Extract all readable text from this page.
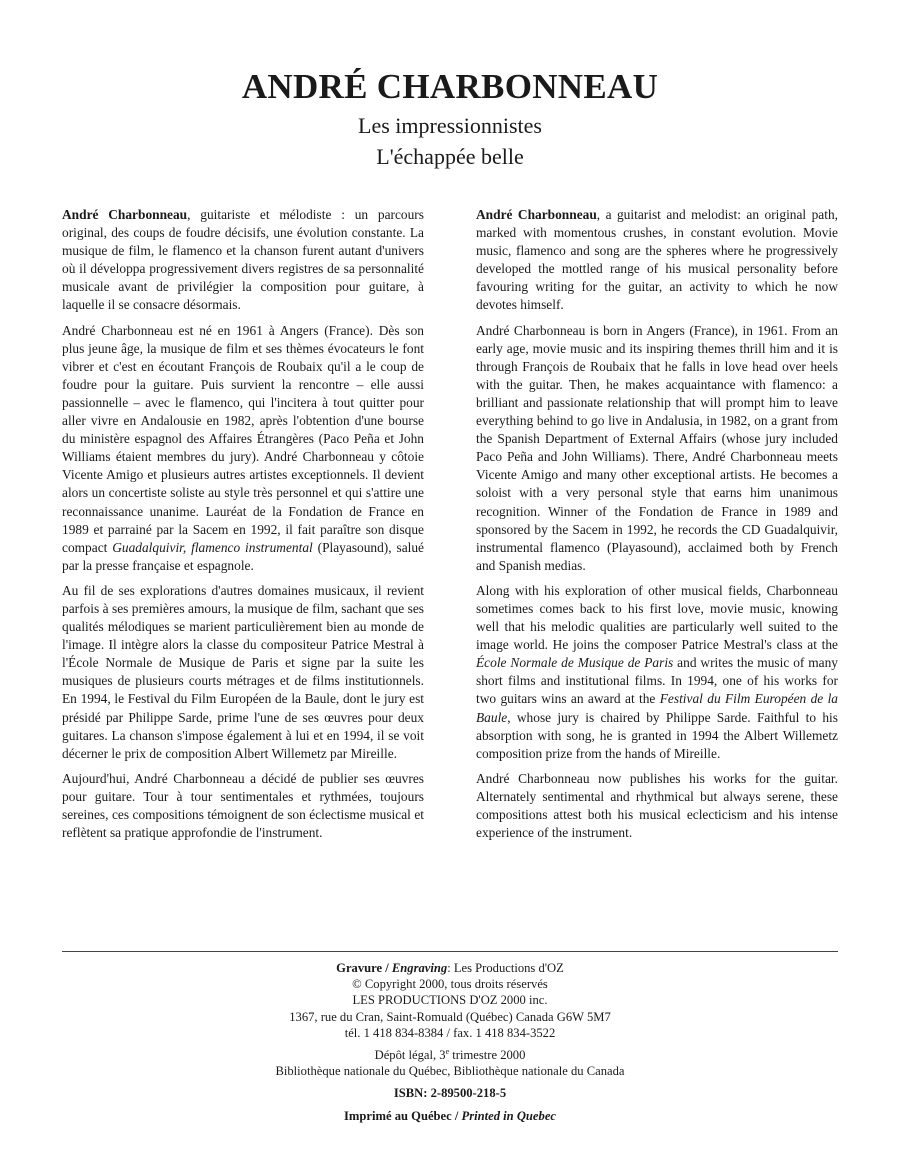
ANDRÉ CHARBONNEAU
Les impressionnistes
L'échappée belle

André Charbonneau, guitariste et mélodiste : un parcours original, des coups de foudre décisifs, une évolution constante. La musique de film, le flamenco et la chanson furent autant d'univers où il développa progressivement divers registres de sa personnalité musicale avant de privilégier la composition pour guitare, à laquelle il se consacre désormais.

André Charbonneau est né en 1961 à Angers (France). Dès son plus jeune âge, la musique de film et ses thèmes évocateurs le font vibrer et c'est en écoutant François de Roubaix qu'il a le coup de foudre pour la guitare. Puis survient la rencontre – elle aussi passionnelle – avec le flamenco, qui l'incitera à tout quitter pour aller vivre en Andalousie en 1982, après l'obtention d'une bourse du ministère espagnol des Affaires Étrangères (Paco Peña et John Williams étaient membres du jury). André Charbonneau y côtoie Vicente Amigo et plusieurs autres artistes exceptionnels. Il devient alors un concertiste soliste au style très personnel et qui s'attire une reconnaissance unanime. Lauréat de la Fondation de France en 1989 et parrainé par la Sacem en 1992, il fait paraître son disque compact Guadalquivir, flamenco instrumental (Playasound), salué par la presse française et espagnole.

Au fil de ses explorations d'autres domaines musicaux, il revient parfois à ses premières amours, la musique de film, sachant que ses qualités mélodiques se marient particulièrement bien au monde de l'image. Il intègre alors la classe du compositeur Patrice Mestral à l'École Normale de Musique de Paris et signe par la suite les musiques de plusieurs courts métrages et de films institutionnels. En 1994, le Festival du Film Européen de la Baule, dont le jury est présidé par Philippe Sarde, prime l'une de ses œuvres pour deux guitares. La chanson s'impose également à lui et en 1994, il se voit décerner le prix de composition Albert Willemetz par Mireille.

Aujourd'hui, André Charbonneau a décidé de publier ses œuvres pour guitare. Tour à tour sentimentales et rythmées, toujours sereines, ces compositions témoignent de son éclectisme musical et reflètent sa pratique approfondie de l'instrument.

André Charbonneau, a guitarist and melodist: an original path, marked with momentous crushes, in constant evolution. Movie music, flamenco and song are the spheres where he progressively developed the mottled range of his musical personality before favouring writing for the guitar, an activity to which he now devotes himself.

André Charbonneau is born in Angers (France), in 1961. From an early age, movie music and its inspiring themes thrill him and it is through François de Roubaix that he falls in love head over heels with the guitar. Then, he makes acquaintance with flamenco: a brilliant and passionate relationship that will prompt him to leave everything behind to go live in Andalusia, in 1982, on a grant from the Spanish Department of External Affairs (whose jury included Paco Peña and John Williams). There, André Charbonneau meets Vicente Amigo and many other exceptional artists. He becomes a soloist with a very personal style that earns him unanimous recognition. Winner of the Fondation de France in 1989 and sponsored by the Sacem in 1992, he records the CD Guadalquivir, instrumental flamenco (Playasound), acclaimed both by French and Spanish medias.

Along with his exploration of other musical fields, Charbonneau sometimes comes back to his first love, movie music, knowing well that his melodic qualities are particularly well suited to the image world. He joins the composer Patrice Mestral's class at the École Normale de Musique de Paris and writes the music of many short films and institutional films. In 1994, one of his works for two guitars wins an award at the Festival du Film Européen de la Baule, whose jury is chaired by Philippe Sarde. Faithful to his absorption with song, he is granted in 1994 the Albert Willemetz composition prize from the hands of Mireille.

André Charbonneau now publishes his works for the guitar. Alternately sentimental and rhythmical but always serene, these compositions attest both his musical eclecticism and his intense experience of the instrument.

Gravure / Engraving: Les Productions d'OZ
© Copyright 2000, tous droits réservés
LES PRODUCTIONS D'OZ 2000 inc.
1367, rue du Cran, Saint-Romuald (Québec) Canada G6W 5M7
tél. 1 418 834-8384 / fax. 1 418 834-3522
Dépôt légal, 3e trimestre 2000
Bibliothèque nationale du Québec, Bibliothèque nationale du Canada
ISBN: 2-89500-218-5
Imprimé au Québec / Printed in Quebec
